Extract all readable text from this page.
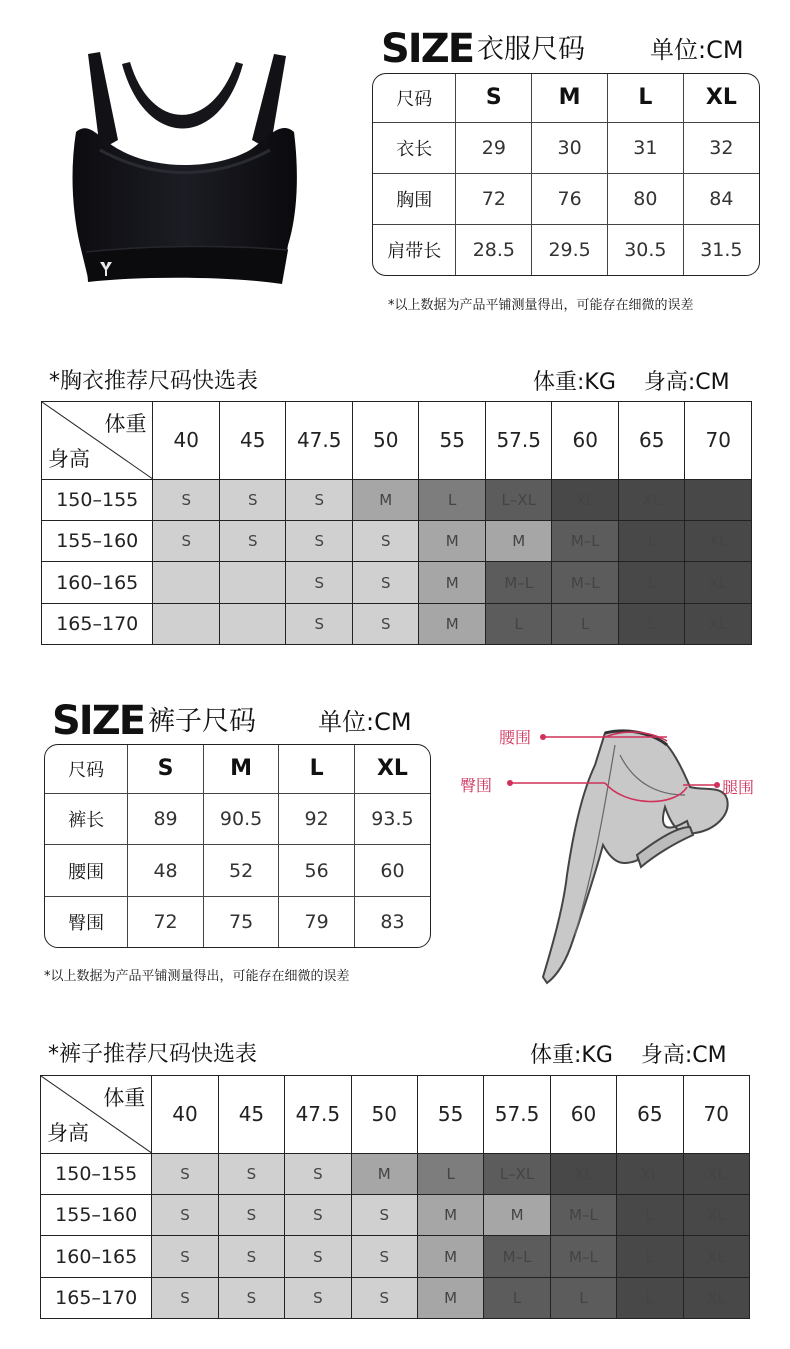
SIZE 衣服尺码	单位:CM
尺码	S	M	L	XL
衣长	29	30	31	32
胸围	72	76	80	84
肩带长	28.5	29.5	30.5	31.5
*以上数据为产品平铺测量得出，可能存在细微的误差
*胸衣推荐尺码快选表	体重:KG    身高:CM
体重
身高	40	45	47.5	50	55	57.5	60	65	70
150–155	S	S	S	M	L	L–XL	XL	XL	
155–160	S	S	S	S	M	M	M–L	L	XL
160–165			S	S	M	M–L	M–L	L	XL
165–170			S	S	M	L	L	L	XL
SIZE 裤子尺码	单位:CM
尺码	S	M	L	XL
裤长	89	90.5	92	93.5
腰围	48	52	56	60
臀围	72	75	79	83
*以上数据为产品平铺测量得出，可能存在细微的误差
腰围
臀围	腿围
*裤子推荐尺码快选表	体重:KG    身高:CM
体重
身高	40	45	47.5	50	55	57.5	60	65	70
150–155	S	S	S	M	L	L–XL	XL	XL	XL
155–160	S	S	S	S	M	M	M–L	L	XL
160–165	S	S	S	S	M	M–L	M–L	L	XL
165–170	S	S	S	S	M	L	L	L	XL
